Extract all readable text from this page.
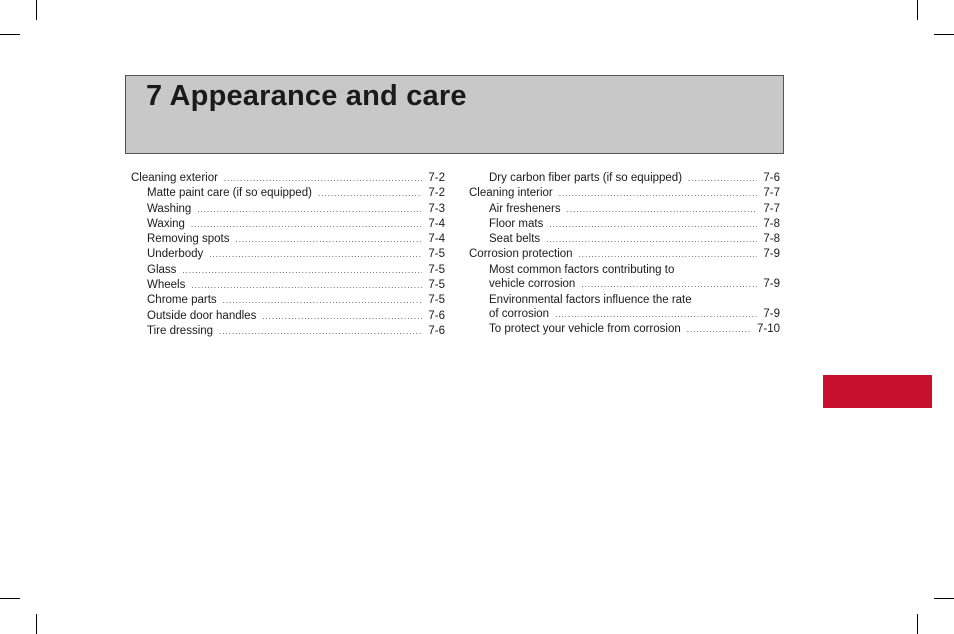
7 Appearance and care
Cleaning exterior .....	7-2
Matte paint care (if so equipped) .....	7-2
Washing .....	7-3
Waxing .....	7-4
Removing spots .....	7-4
Underbody .....	7-5
Glass .....	7-5
Wheels .....	7-5
Chrome parts .....	7-5
Outside door handles .....	7-6
Tire dressing .....	7-6
Dry carbon fiber parts (if so equipped) .....	7-6
Cleaning interior .....	7-7
Air fresheners .....	7-7
Floor mats .....	7-8
Seat belts .....	7-8
Corrosion protection .....	7-9
Most common factors contributing to
vehicle corrosion .....	7-9
Environmental factors influence the rate
of corrosion .....	7-9
To protect your vehicle from corrosion .....	7-10
